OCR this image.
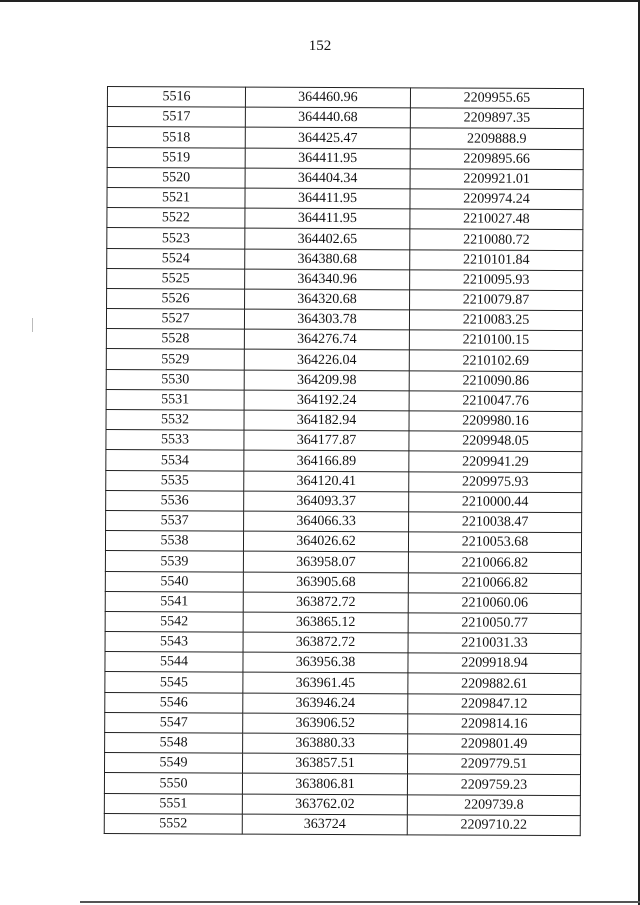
152
5516	364460.96	2209955.65
5517	364440.68	2209897.35
5518	364425.47	2209888.9
5519	364411.95	2209895.66
5520	364404.34	2209921.01
5521	364411.95	2209974.24
5522	364411.95	2210027.48
5523	364402.65	2210080.72
5524	364380.68	2210101.84
5525	364340.96	2210095.93
5526	364320.68	2210079.87
5527	364303.78	2210083.25
5528	364276.74	2210100.15
5529	364226.04	2210102.69
5530	364209.98	2210090.86
5531	364192.24	2210047.76
5532	364182.94	2209980.16
5533	364177.87	2209948.05
5534	364166.89	2209941.29
5535	364120.41	2209975.93
5536	364093.37	2210000.44
5537	364066.33	2210038.47
5538	364026.62	2210053.68
5539	363958.07	2210066.82
5540	363905.68	2210066.82
5541	363872.72	2210060.06
5542	363865.12	2210050.77
5543	363872.72	2210031.33
5544	363956.38	2209918.94
5545	363961.45	2209882.61
5546	363946.24	2209847.12
5547	363906.52	2209814.16
5548	363880.33	2209801.49
5549	363857.51	2209779.51
5550	363806.81	2209759.23
5551	363762.02	2209739.8
5552	363724	2209710.22
